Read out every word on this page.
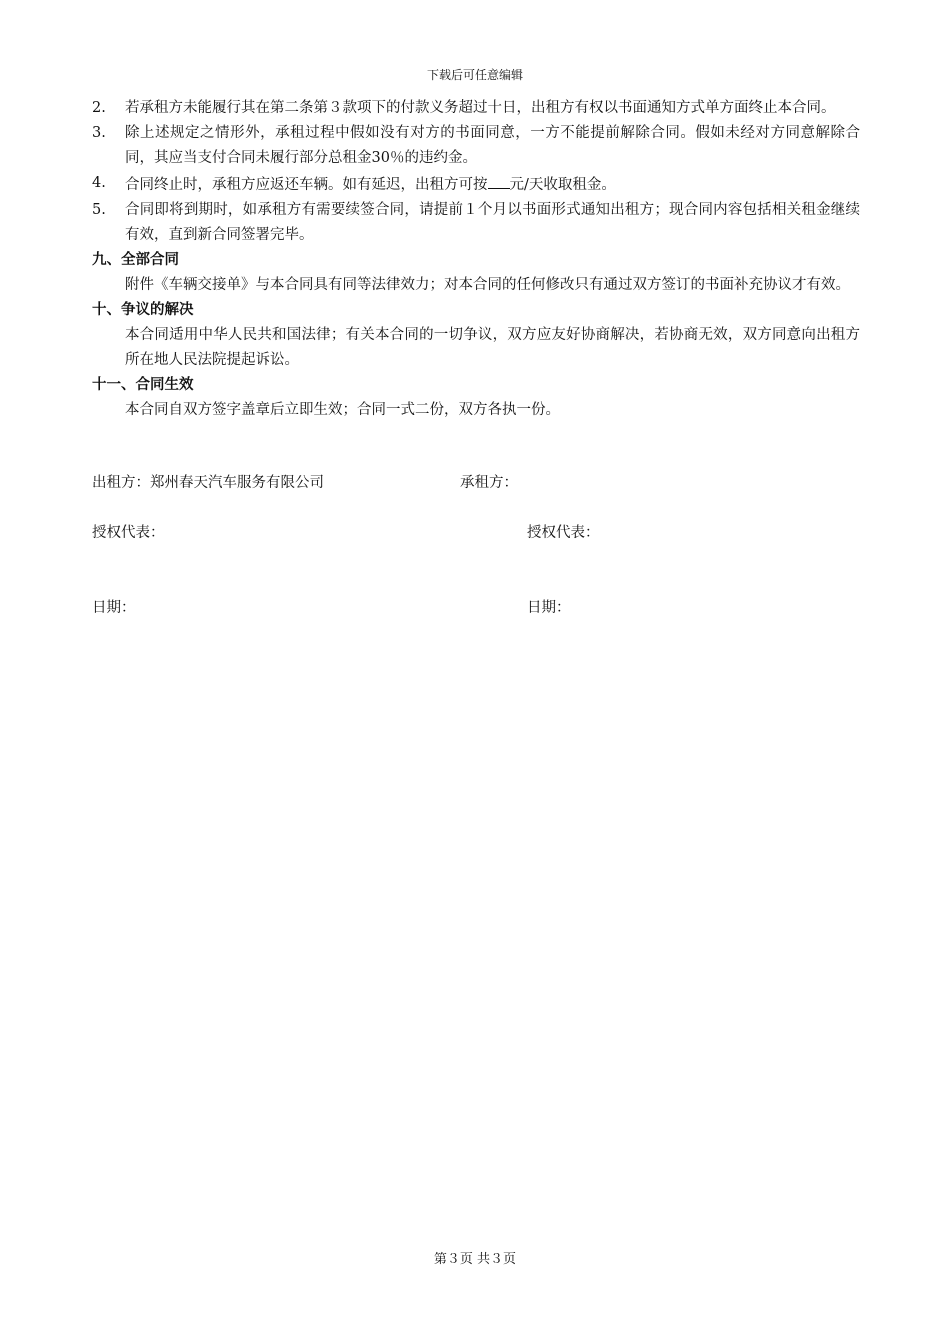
下载后可任意编辑
2. 若承租方未能履行其在第二条第３款项下的付款义务超过十日，出租方有权以书面通知方式单方面终止本合同。
3. 除上述规定之情形外，承租过程中假如没有对方的书面同意，一方不能提前解除合同。假如未经对方同意解除合同，其应当支付合同未履行部分总租金30％的违约金。
4. 合同终止时，承租方应返还车辆。如有延迟，出租方可按 元/天收取租金。
5. 合同即将到期时，如承租方有需要续签合同，请提前１个月以书面形式通知出租方；现合同内容包括相关租金继续有效，直到新合同签署完毕。
九、全部合同
附件《车辆交接单》与本合同具有同等法律效力；对本合同的任何修改只有通过双方签订的书面补充协议才有效。
十、争议的解决
本合同适用中华人民共和国法律；有关本合同的一切争议，双方应友好协商解决，若协商无效，双方同意向出租方所在地人民法院提起诉讼。
十一、合同生效
本合同自双方签字盖章后立即生效；合同一式二份，双方各执一份。
出租方：郑州春天汽车服务有限公司	承租方：
授权代表：	授权代表：
日期：	日期：
第３页 共３页
